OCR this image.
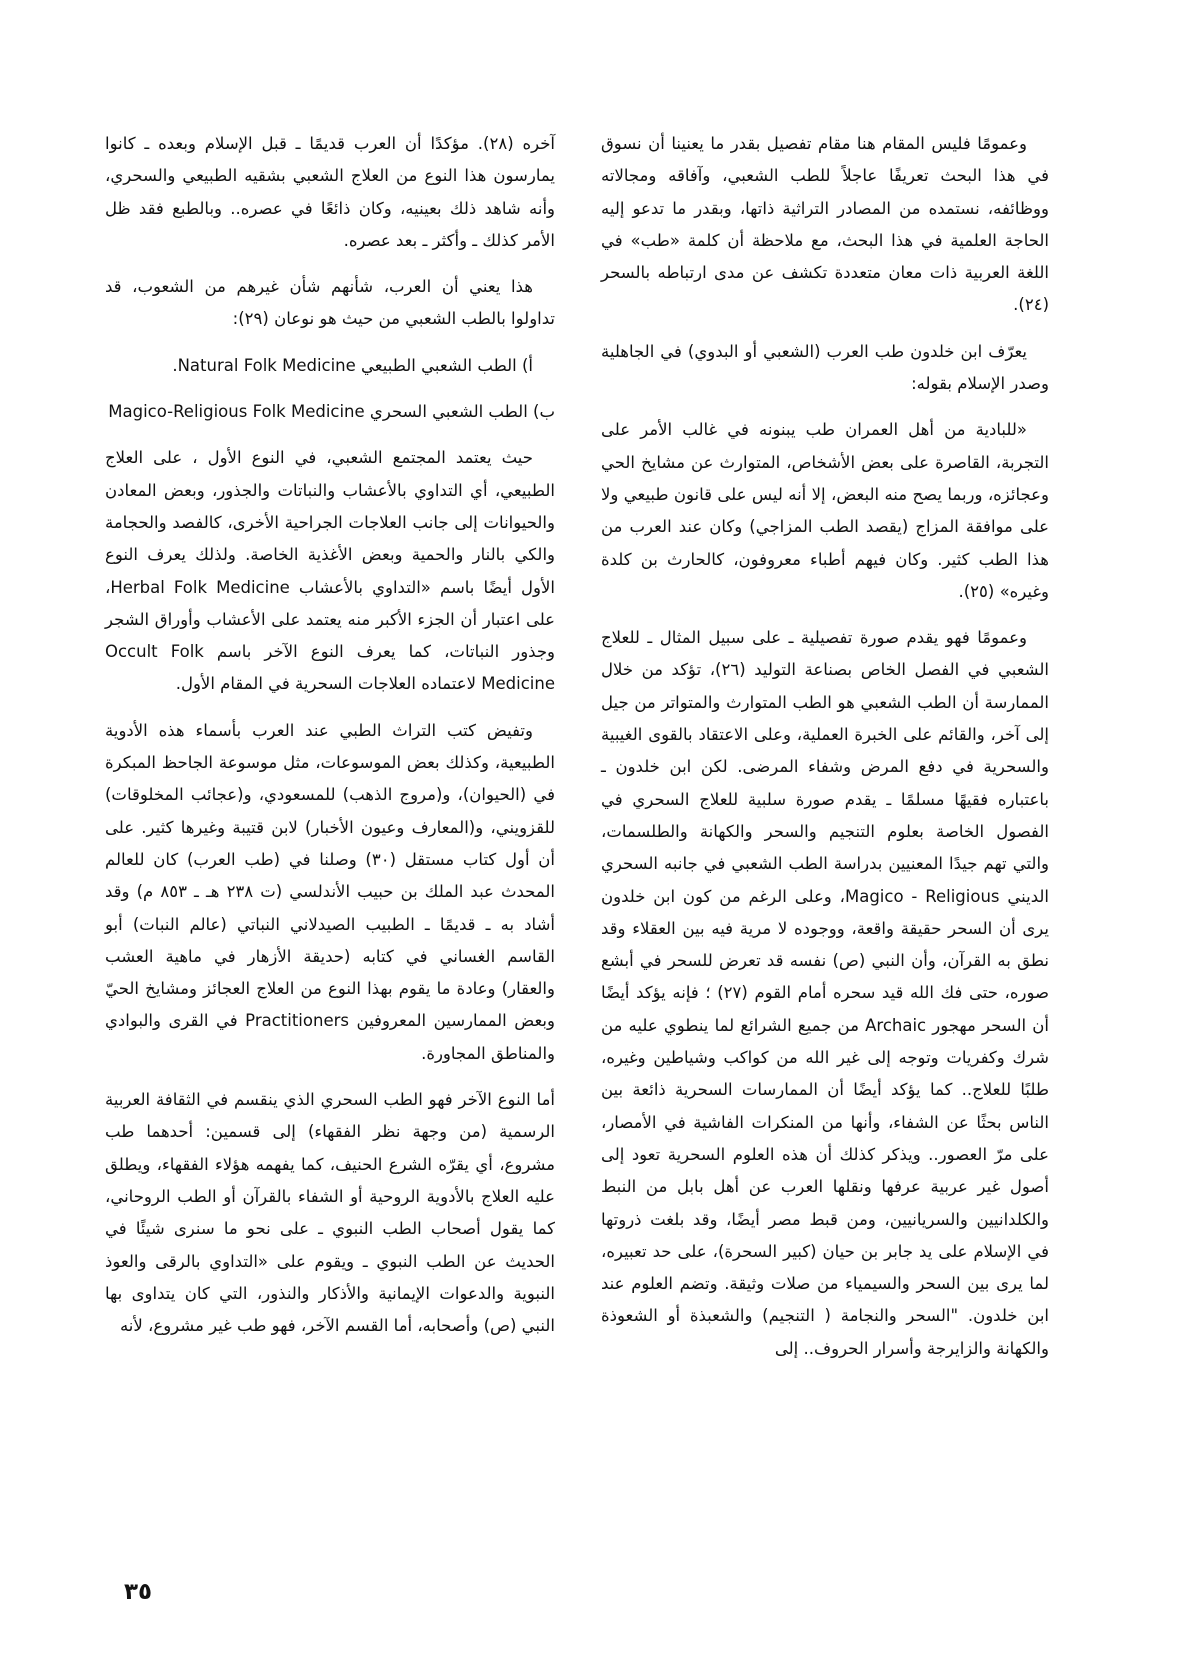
وعمومًا فليس المقام هنا مقام تفصيل بقدر ما يعنينا أن نسوق في هذا البحث تعريفًا عاجلاً للطب الشعبي، وآفاقه ومجالاته ووظائفه، نستمده من المصادر التراثية ذاتها، وبقدر ما تدعو إليه الحاجة العلمية في هذا البحث، مع ملاحظة أن كلمة «طب» في اللغة العربية ذات معان متعددة تكشف عن مدى ارتباطه بالسحر (٢٤).

يعرّف ابن خلدون طب العرب (الشعبي أو البدوي) في الجاهلية وصدر الإسلام بقوله:

«للبادية من أهل العمران طب يبنونه في غالب الأمر على التجربة، القاصرة على بعض الأشخاص، المتوارث عن مشايخ الحي وعجائزه، وربما يصح منه البعض، إلا أنه ليس على قانون طبيعي ولا على موافقة المزاج (يقصد الطب المزاجي) وكان عند العرب من هذا الطب كثير. وكان فيهم أطباء معروفون، كالحارث بن كلدة وغيره» (٢٥).

وعمومًا فهو يقدم صورة تفصيلية ـ على سبيل المثال ـ للعلاج الشعبي في الفصل الخاص بصناعة التوليد (٢٦)، تؤكد من خلال الممارسة أن الطب الشعبي هو الطب المتوارث والمتواتر من جيل إلى آخر، والقائم على الخبرة العملية، وعلى الاعتقاد بالقوى الغيبية والسحرية في دفع المرض وشفاء المرضى. لكن ابن خلدون ـ باعتباره فقيهًا مسلمًا ـ يقدم صورة سلبية للعلاج السحري في الفصول الخاصة بعلوم التنجيم والسحر والكهانة والطلسمات، والتي تهم جيدًا المعنيين بدراسة الطب الشعبي في جانبه السحري الديني Magico - Religious، وعلى الرغم من كون ابن خلدون يرى أن السحر حقيقة واقعة، ووجوده لا مرية فيه بين العقلاء وقد نطق به القرآن، وأن النبي (ص) نفسه قد تعرض للسحر في أبشع صوره، حتى فك الله قيد سحره أمام القوم (٢٧) ؛ فإنه يؤكد أيضًا أن السحر مهجور Archaic من جميع الشرائع لما ينطوي عليه من شرك وكفريات وتوجه إلى غير الله من كواكب وشياطين وغيره، طلبًا للعلاج.. كما يؤكد أيضًا أن الممارسات السحرية ذائعة بين الناس بحثًا عن الشفاء، وأنها من المنكرات الفاشية في الأمصار، على مرّ العصور.. ويذكر كذلك أن هذه العلوم السحرية تعود إلى أصول غير عربية عرفها ونقلها العرب عن أهل بابل من النبط والكلدانيين والسريانيين، ومن قبط مصر أيضًا، وقد بلغت ذروتها في الإسلام على يد جابر بن حيان (كبير السحرة)، على حد تعبيره، لما يرى بين السحر والسيمياء من صلات وثيقة. وتضم العلوم عند ابن خلدون. "السحر والنجامة ( التنجيم) والشعبذة أو الشعوذة والكهانة والزايرجة وأسرار الحروف.. إلى

آخره (٢٨). مؤكدًا أن العرب قديمًا ـ قبل الإسلام وبعده ـ كانوا يمارسون هذا النوع من العلاج الشعبي بشقيه الطبيعي والسحري، وأنه شاهد ذلك بعينيه، وكان ذائعًا في عصره.. وبالطبع فقد ظل الأمر كذلك ـ وأكثر ـ بعد عصره.

هذا يعني أن العرب، شأنهم شأن غيرهم من الشعوب، قد تداولوا بالطب الشعبي من حيث هو نوعان (٢٩):

أ) الطب الشعبي الطبيعي Natural Folk Medicine.

ب) الطب الشعبي السحري Magico-Religious Folk Medicine

حيث يعتمد المجتمع الشعبي، في النوع الأول ، على العلاج الطبيعي، أي التداوي بالأعشاب والنباتات والجذور، وبعض المعادن والحيوانات إلى جانب العلاجات الجراحية الأخرى، كالفصد والحجامة والكي بالنار والحمية وبعض الأغذية الخاصة. ولذلك يعرف النوع الأول أيضًا باسم «التداوي بالأعشاب Herbal Folk Medicine، على اعتبار أن الجزء الأكبر منه يعتمد على الأعشاب وأوراق الشجر وجذور النباتات، كما يعرف النوع الآخر باسم Occult Folk Medicine لاعتماده العلاجات السحرية في المقام الأول.

وتفيض كتب التراث الطبي عند العرب بأسماء هذه الأدوية الطبيعية، وكذلك بعض الموسوعات، مثل موسوعة الجاحظ المبكرة في (الحيوان)، و(مروج الذهب) للمسعودي، و(عجائب المخلوقات) للقزويني، و(المعارف وعيون الأخبار) لابن قتيبة وغيرها كثير. على أن أول كتاب مستقل (٣٠) وصلنا في (طب العرب) كان للعالم المحدث عبد الملك بن حبيب الأندلسي (ت ٢٣٨ هـ ـ ٨٥٣ م) وقد أشاد به ـ قديمًا ـ الطبيب الصيدلاني النباتي (عالم النبات) أبو القاسم الغساني في كتابه (حديقة الأزهار في ماهية العشب والعقار) وعادة ما يقوم بهذا النوع من العلاج العجائز ومشايخ الحيّ وبعض الممارسين المعروفين Practitioners في القرى والبوادي والمناطق المجاورة.

أما النوع الآخر فهو الطب السحري الذي ينقسم في الثقافة العربية الرسمية (من وجهة نظر الفقهاء) إلى قسمين: أحدهما طب مشروع، أي يقرّه الشرع الحنيف، كما يفهمه هؤلاء الفقهاء، ويطلق عليه العلاج بالأدوية الروحية أو الشفاء بالقرآن أو الطب الروحاني، كما يقول أصحاب الطب النبوي ـ على نحو ما سنرى شيئًا في الحديث عن الطب النبوي ـ ويقوم على «التداوي بالرقى والعوذ النبوية والدعوات الإيمانية والأذكار والنذور، التي كان يتداوى بها النبي (ص) وأصحابه، أما القسم الآخر، فهو طب غير مشروع، لأنه

٣٥
